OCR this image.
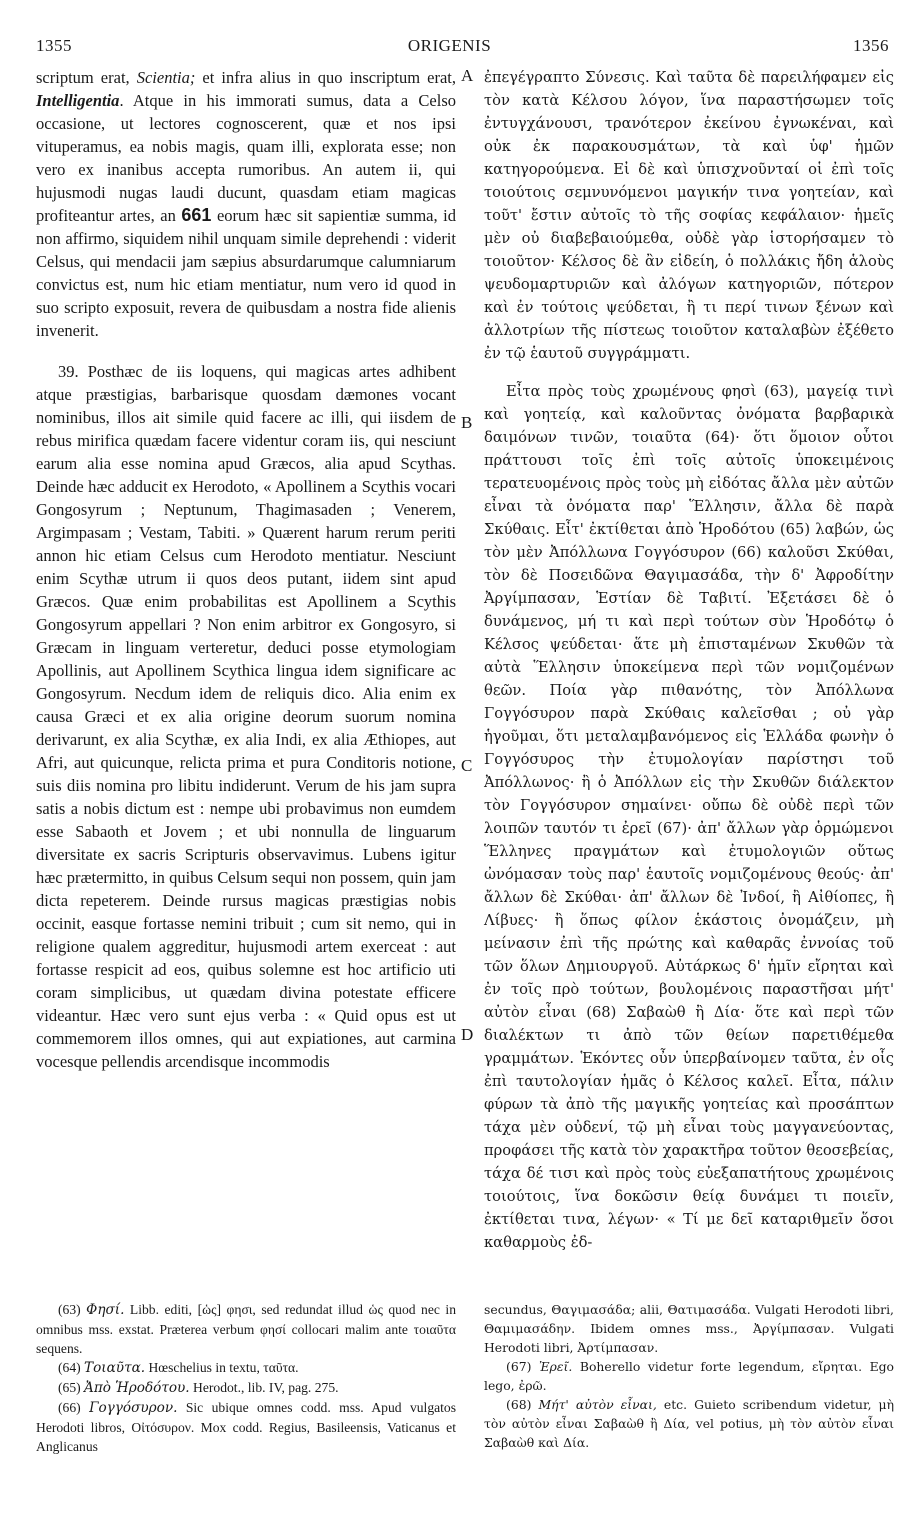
1355	ORIGENIS	1356
A
B
C
D

scriptum erat, Scientia; et infra alius in quo inscriptum erat, Intelligentia. Atque in his immorati sumus, data a Celso occasione, ut lectores cognoscerent, quæ et nos ipsi vituperamus, ea nobis magis, quam illi, explorata esse; non vero ex inanibus accepta rumoribus. An autem ii, qui hujusmodi nugas laudi ducunt, quasdam etiam magicas profiteantur artes, an 661 eorum hæc sit sapientiæ summa, id non affirmo, siquidem nihil unquam simile deprehendi : viderit Celsus, qui mendacii jam sæpius absurdarumque calumniarum convictus est, num hic etiam mentiatur, num vero id quod in suo scripto exposuit, revera de quibusdam a nostra fide alienis invenerit.

39. Posthæc de iis loquens, qui magicas artes adhibent atque præstigias, barbarisque quosdam dæmones vocant nominibus, illos ait simile quid facere ac illi, qui iisdem de rebus mirifica quædam facere videntur coram iis, qui nesciunt earum alia esse nomina apud Græcos, alia apud Scythas. Deinde hæc adducit ex Herodoto, « Apollinem a Scythis vocari Gongosyrum ; Neptunum, Thagimasaden ; Venerem, Argimpasam ; Vestam, Tabiti. » Quærent harum rerum periti annon hic etiam Celsus cum Herodoto mentiatur. Nesciunt enim Scythæ utrum ii quos deos putant, iidem sint apud Græcos. Quæ enim probabilitas est Apollinem a Scythis Gongosyrum appellari ? Non enim arbitror ex Gongosyro, si Græcam in linguam verteretur, deduci posse etymologiam Apollinis, aut Apollinem Scythica lingua idem significare ac Gongosyrum. Necdum idem de reliquis dico. Alia enim ex causa Græci et ex alia origine deorum suorum nomina derivarunt, ex alia Scythæ, ex alia Indi, ex alia Æthiopes, aut Afri, aut quicunque, relicta prima et pura Conditoris notione, suis diis nomina pro libitu indiderunt. Verum de his jam supra satis a nobis dictum est : nempe ubi probavimus non eumdem esse Sabaoth et Jovem ; et ubi nonnulla de linguarum diversitate ex sacris Scripturis observavimus. Lubens igitur hæc prætermitto, in quibus Celsum sequi non possem, quin jam dicta repeterem. Deinde rursus magicas præstigias nobis occinit, easque fortasse nemini tribuit ; cum sit nemo, qui in religione qualem aggreditur, hujusmodi artem exerceat : aut fortasse respicit ad eos, quibus solemne est hoc artificio uti coram simplicibus, ut quædam divina potestate efficere videantur. Hæc vero sunt ejus verba : « Quid opus est ut commemorem illos omnes, qui aut expiationes, aut carmina vocesque pellendis arcendisque incommodis

ἐπεγέγραπτο Σύνεσις. Καὶ ταῦτα δὲ παρειλήφαμεν εἰς τὸν κατὰ Κέλσου λόγον, ἵνα παραστήσωμεν τοῖς ἐντυγχάνουσι, τρανότερον ἐκείνου ἐγνωκέναι, καὶ οὐκ ἐκ παρακουσμάτων, τὰ καὶ ὑφ' ἡμῶν κατηγορούμενα. Εἰ δὲ καὶ ὑπισχνοῦνταί οἱ ἐπὶ τοῖς τοιούτοις σεμνυνόμενοι μαγικήν τινα γοητείαν, καὶ τοῦτ' ἔστιν αὐτοῖς τὸ τῆς σοφίας κεφάλαιον· ἡμεῖς μὲν οὐ διαβεβαιούμεθα, οὐδὲ γὰρ ἱστορήσαμεν τὸ τοιοῦτον· Κέλσος δὲ ἂν εἰδείη, ὁ πολλάκις ἤδη ἁλοὺς ψευδομαρτυριῶν καὶ ἀλόγων κατηγοριῶν, πότερον καὶ ἐν τούτοις ψεύδεται, ἢ τι περί τινων ξένων καὶ ἀλλοτρίων τῆς πίστεως τοιοῦτον καταλαβὼν ἐξέθετο ἐν τῷ ἑαυτοῦ συγγράμματι.

Εἶτα πρὸς τοὺς χρωμένους φησὶ (63), μαγείᾳ τινὶ καὶ γοητείᾳ, καὶ καλοῦντας ὀνόματα βαρβαρικὰ δαιμόνων τινῶν, τοιαῦτα (64)· ὅτι ὅμοιον οὗτοι πράττουσι τοῖς ἐπὶ τοῖς αὐτοῖς ὑποκειμένοις τερατευομένοις πρὸς τοὺς μὴ εἰδότας ἄλλα μὲν αὐτῶν εἶναι τὰ ὀνόματα παρ' Ἕλλησιν, ἄλλα δὲ παρὰ Σκύθαις. Εἶτ' ἐκτίθεται ἀπὸ Ἡροδότου (65) λαβών, ὡς τὸν μὲν Ἀπόλλωνα Γογγόσυρον (66) καλοῦσι Σκύθαι, τὸν δὲ Ποσειδῶνα Θαγιμασάδα, τὴν δ' Ἀφροδίτην Ἀργίμπασαν, Ἑστίαν δὲ Ταβιτί. Ἐξετάσει δὲ ὁ δυνάμενος, μή τι καὶ περὶ τούτων σὺν Ἡροδότῳ ὁ Κέλσος ψεύδεται· ἅτε μὴ ἐπισταμένων Σκυθῶν τὰ αὐτὰ Ἕλλησιν ὑποκείμενα περὶ τῶν νομιζομένων θεῶν. Ποία γὰρ πιθανότης, τὸν Ἀπόλλωνα Γογγόσυρον παρὰ Σκύθαις καλεῖσθαι ; οὐ γὰρ ἡγοῦμαι, ὅτι μεταλαμβανόμενος εἰς Ἑλλάδα φωνὴν ὁ Γογγόσυρος τὴν ἐτυμολογίαν παρίστησι τοῦ Ἀπόλλωνος· ἢ ὁ Ἀπόλλων εἰς τὴν Σκυθῶν διάλεκτον τὸν Γογγόσυρον σημαίνει· οὔπω δὲ οὐδὲ περὶ τῶν λοιπῶν ταυτόν τι ἐρεῖ (67)· ἀπ' ἄλλων γὰρ ὁρμώμενοι Ἕλληνες πραγμάτων καὶ ἐτυμολογιῶν οὕτως ὠνόμασαν τοὺς παρ' ἑαυτοῖς νομιζομένους θεούς· ἀπ' ἄλλων δὲ Σκύθαι· ἀπ' ἄλλων δὲ Ἰνδοί, ἢ Αἰθίοπες, ἢ Λίβυες· ἢ ὅπως φίλον ἑκάστοις ὀνομάζειν, μὴ μείνασιν ἐπὶ τῆς πρώτης καὶ καθαρᾶς ἐννοίας τοῦ τῶν ὅλων Δημιουργοῦ. Αὐτάρκως δ' ἡμῖν εἴρηται καὶ ἐν τοῖς πρὸ τούτων, βουλομένοις παραστῆσαι μήτ' αὐτὸν εἶναι (68) Σαβαὼθ ἢ Δία· ὅτε καὶ περὶ τῶν διαλέκτων τι ἀπὸ τῶν θείων παρετιθέμεθα γραμμάτων. Ἑκόντες οὖν ὑπερβαίνομεν ταῦτα, ἐν οἷς ἐπὶ ταυτολογίαν ἡμᾶς ὁ Κέλσος καλεῖ. Εἶτα, πάλιν φύρων τὰ ἀπὸ τῆς μαγικῆς γοητείας καὶ προσάπτων τάχα μὲν οὐδενί, τῷ μὴ εἶναι τοὺς μαγγανεύοντας, προφάσει τῆς κατὰ τὸν χαρακτῆρα τοῦτον θεοσεβείας, τάχα δέ τισι καὶ πρὸς τοὺς εὐεξαπατήτους χρωμένοις τοιούτοις, ἵνα δοκῶσιν θείᾳ δυνάμει τι ποιεῖν, ἐκτίθεται τινα, λέγων· « Τί με δεῖ καταριθμεῖν ὅσοι καθαρμοὺς ἐδ-

(63) Φησί. Libb. editi, [ὡς] φησι, sed redundat illud ὡς quod nec in omnibus mss. exstat. Præterea verbum φησί collocari malim ante τοιαῦτα sequens.

(64) Τοιαῦτα. Hœschelius in textu, ταῦτα.

(65) Ἀπὸ Ἡροδότου. Herodot., lib. IV, pag. 275.

(66) Γογγόσυρον. Sic ubique omnes codd. mss. Apud vulgatos Herodoti libros, Οἰτόσυρον. Mox codd. Regius, Basileensis, Vaticanus et Anglicanus

secundus, Θαγιμασάδα; alii, Θατιμασάδα. Vulgati Herodoti libri, Θαμιμασάδην. Ibidem omnes mss., Ἀργίμπασαν. Vulgati Herodoti libri, Ἀρτίμπασαν.

(67) Ἐρεῖ. Boherello videtur forte legendum, εἴρηται. Ego lego, ἐρῶ.

(68) Μήτ' αὐτὸν εἶναι, etc. Guieto scribendum videtur, μὴ τὸν αὐτὸν εἶναι Σαβαὼθ ἢ Δία, vel potius, μὴ τὸν αὐτὸν εἶναι Σαβαὼθ καὶ Δία.
